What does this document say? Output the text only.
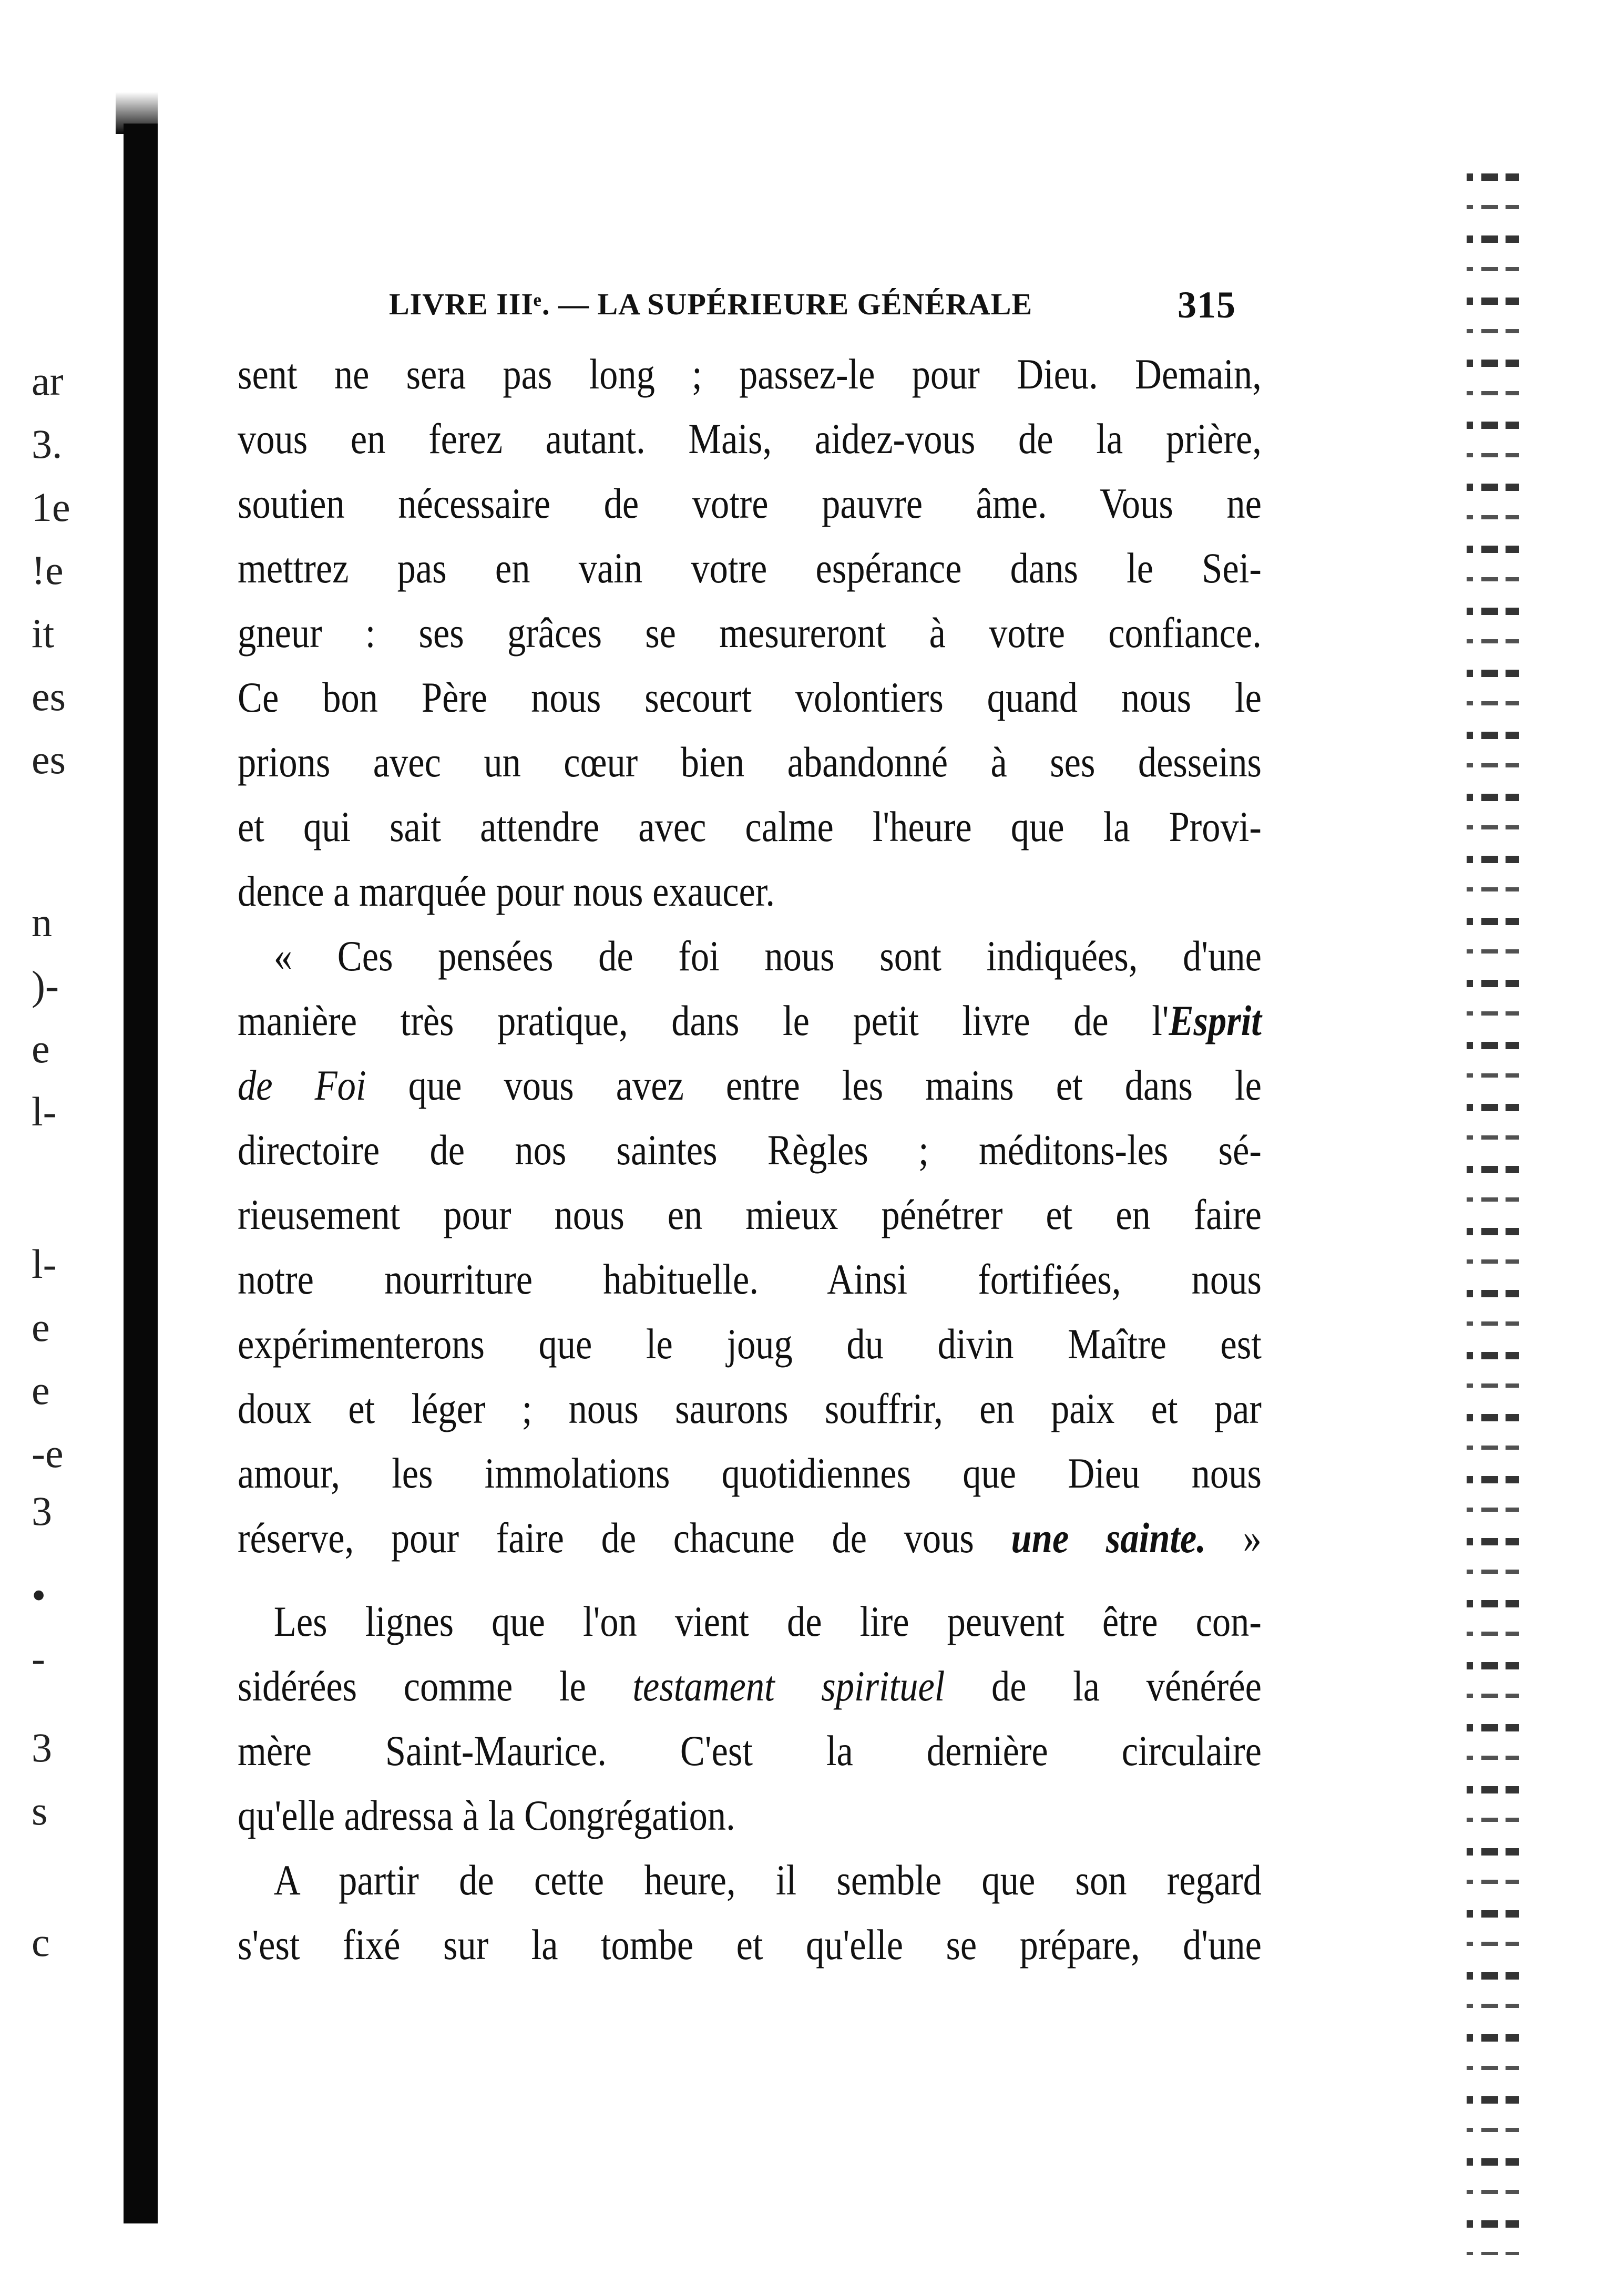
ar
3.
1e
!e
it
es
es
n
)-
e
l-
l-
e
e
-e
3
•
-
3
s
c
LIVRE IIIᵉ. — LA SUPÉRIEURE GÉNÉRALE	315
sent ne sera pas long ; passez-le pour Dieu. Demain,
vous en ferez autant. Mais, aidez-vous de la prière,
soutien nécessaire de votre pauvre âme. Vous ne
mettrez pas en vain votre espérance dans le Sei-
gneur : ses grâces se mesureront à votre confiance.
Ce bon Père nous secourt volontiers quand nous le
prions avec un cœur bien abandonné à ses desseins
et qui sait attendre avec calme l'heure que la Provi-
dence a marquée pour nous exaucer.
« Ces pensées de foi nous sont indiquées, d'une
manière très pratique, dans le petit livre de l'Esprit
de Foi que vous avez entre les mains et dans le
directoire de nos saintes Règles ; méditons-les sé-
rieusement pour nous en mieux pénétrer et en faire
notre nourriture habituelle. Ainsi fortifiées, nous
expérimenterons que le joug du divin Maître est
doux et léger ; nous saurons souffrir, en paix et par
amour, les immolations quotidiennes que Dieu nous
réserve, pour faire de chacune de vous une sainte. »
Les lignes que l'on vient de lire peuvent être con-
sidérées comme le testament spirituel de la vénérée
mère Saint-Maurice. C'est la dernière circulaire
qu'elle adressa à la Congrégation.
A partir de cette heure, il semble que son regard
s'est fixé sur la tombe et qu'elle se prépare, d'une
